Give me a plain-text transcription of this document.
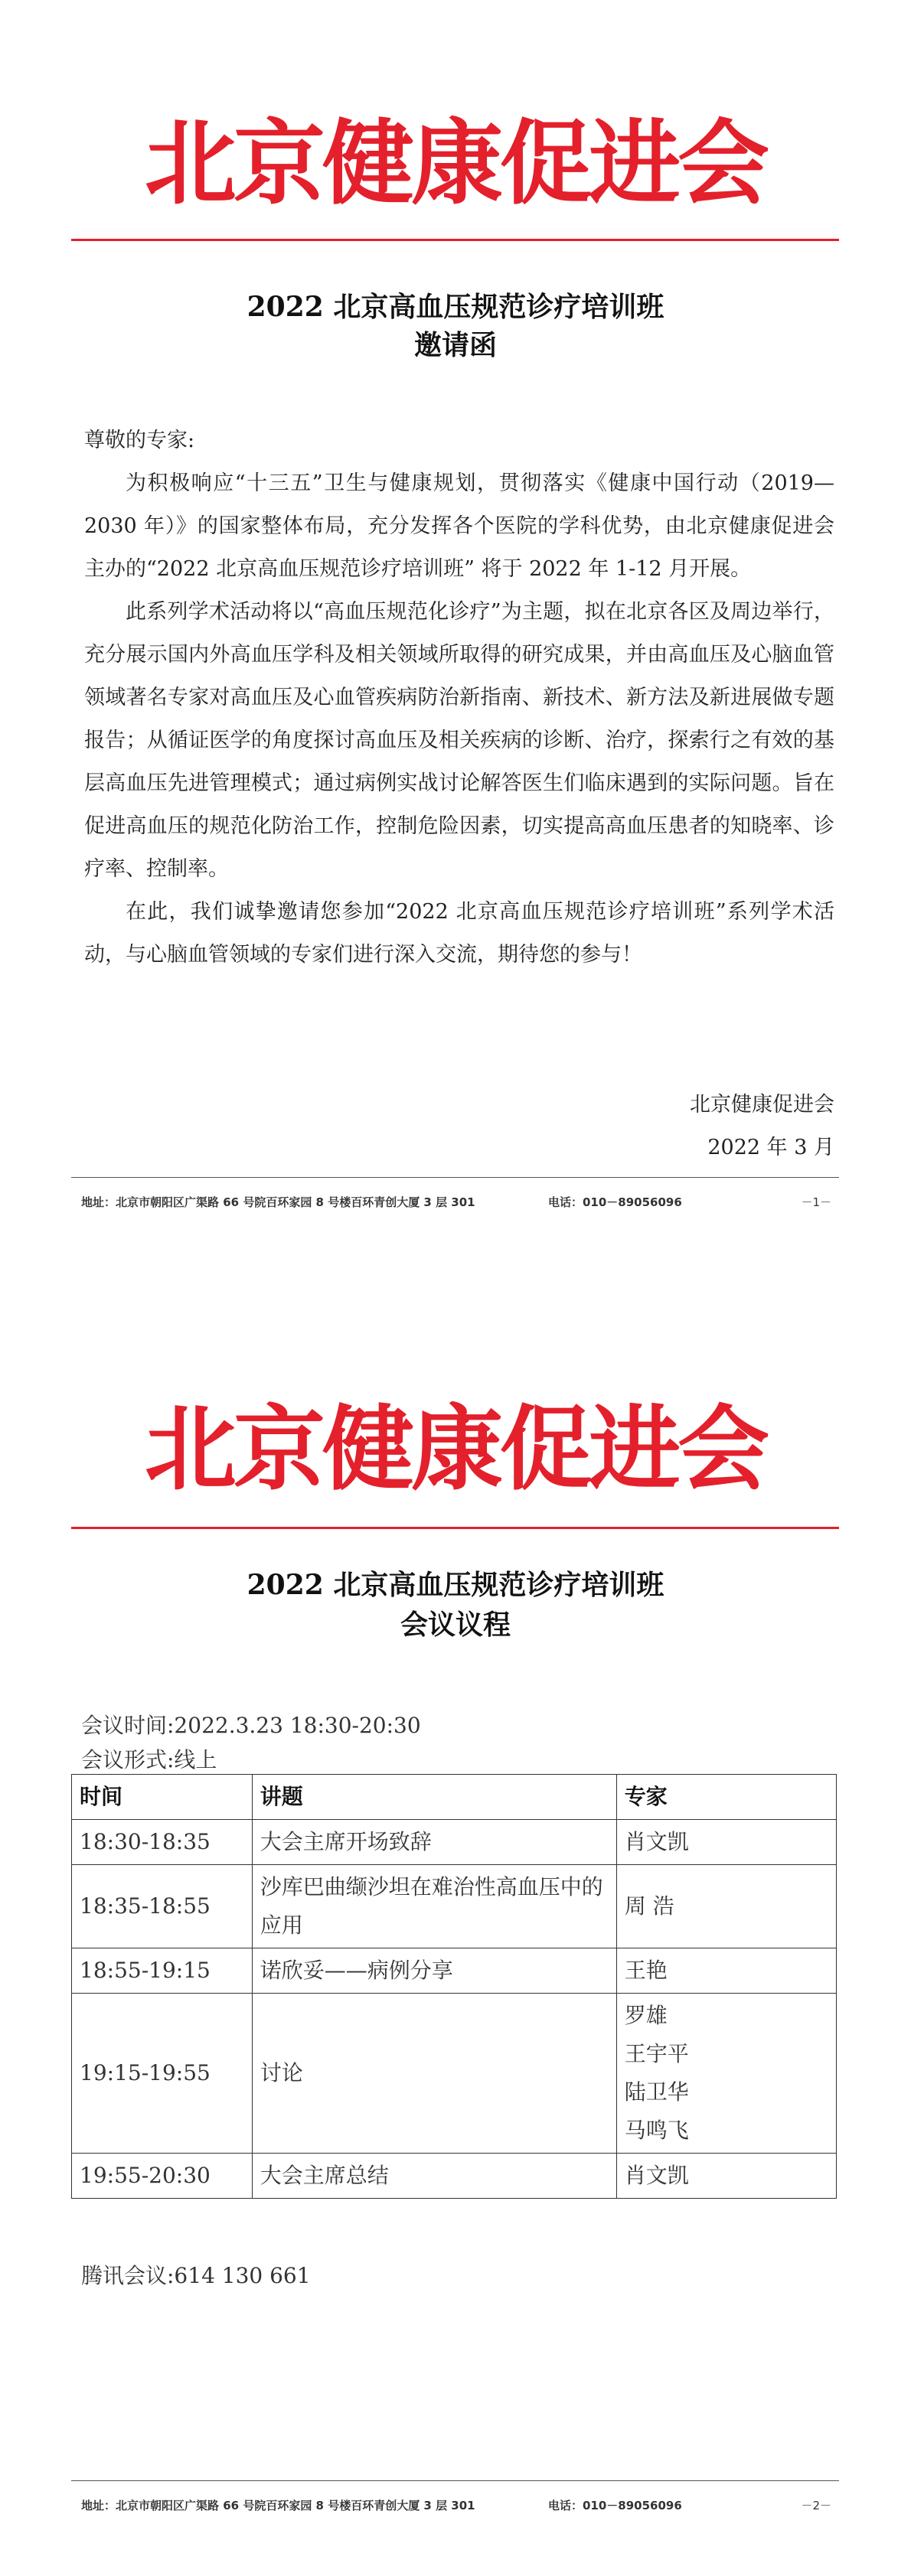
北京健康促进会
2022 北京高血压规范诊疗培训班
邀请函

尊敬的专家:

为积极响应“十三五”卫生与健康规划，贯彻落实《健康中国行动（2019—2030 年）》的国家整体布局，充分发挥各个医院的学科优势，由北京健康促进会主办的“2022 北京高血压规范诊疗培训班” 将于 2022 年 1-12 月开展。

此系列学术活动将以“高血压规范化诊疗”为主题，拟在北京各区及周边举行，充分展示国内外高血压学科及相关领域所取得的研究成果，并由高血压及心脑血管领域著名专家对高血压及心血管疾病防治新指南、新技术、新方法及新进展做专题报告；从循证医学的角度探讨高血压及相关疾病的诊断、治疗，探索行之有效的基层高血压先进管理模式；通过病例实战讨论解答医生们临床遇到的实际问题。旨在促进高血压的规范化防治工作，控制危险因素，切实提高高血压患者的知晓率、诊疗率、控制率。

在此，我们诚挚邀请您参加“2022 北京高血压规范诊疗培训班”系列学术活动，与心脑血管领域的专家们进行深入交流，期待您的参与！

北京健康促进会
2022 年 3 月
地址：北京市朝阳区广渠路 66 号院百环家园 8 号楼百环青创大厦 3 层 301	电话：010－89056096	－1－
北京健康促进会
2022 北京高血压规范诊疗培训班
会议议程
地址：北京市朝阳区广渠路 66 号院百环家园 8 号楼百环青创大厦 3 层 301	电话：010－89056096	－2－
会议时间:2022.3.23 18:30-20:30
会议形式:线上
时间	讲题	专家
18:30-18:35	大会主席开场致辞	肖文凯
18:35-18:55	沙库巴曲缬沙坦在难治性高血压中的应用	周 浩
18:55-19:15	诺欣妥——病例分享	王艳
19:15-19:55	讨论	罗雄
王宇平
陆卫华
马鸣飞

19:55-20:30	大会主席总结	肖文凯
腾讯会议:614 130 661
